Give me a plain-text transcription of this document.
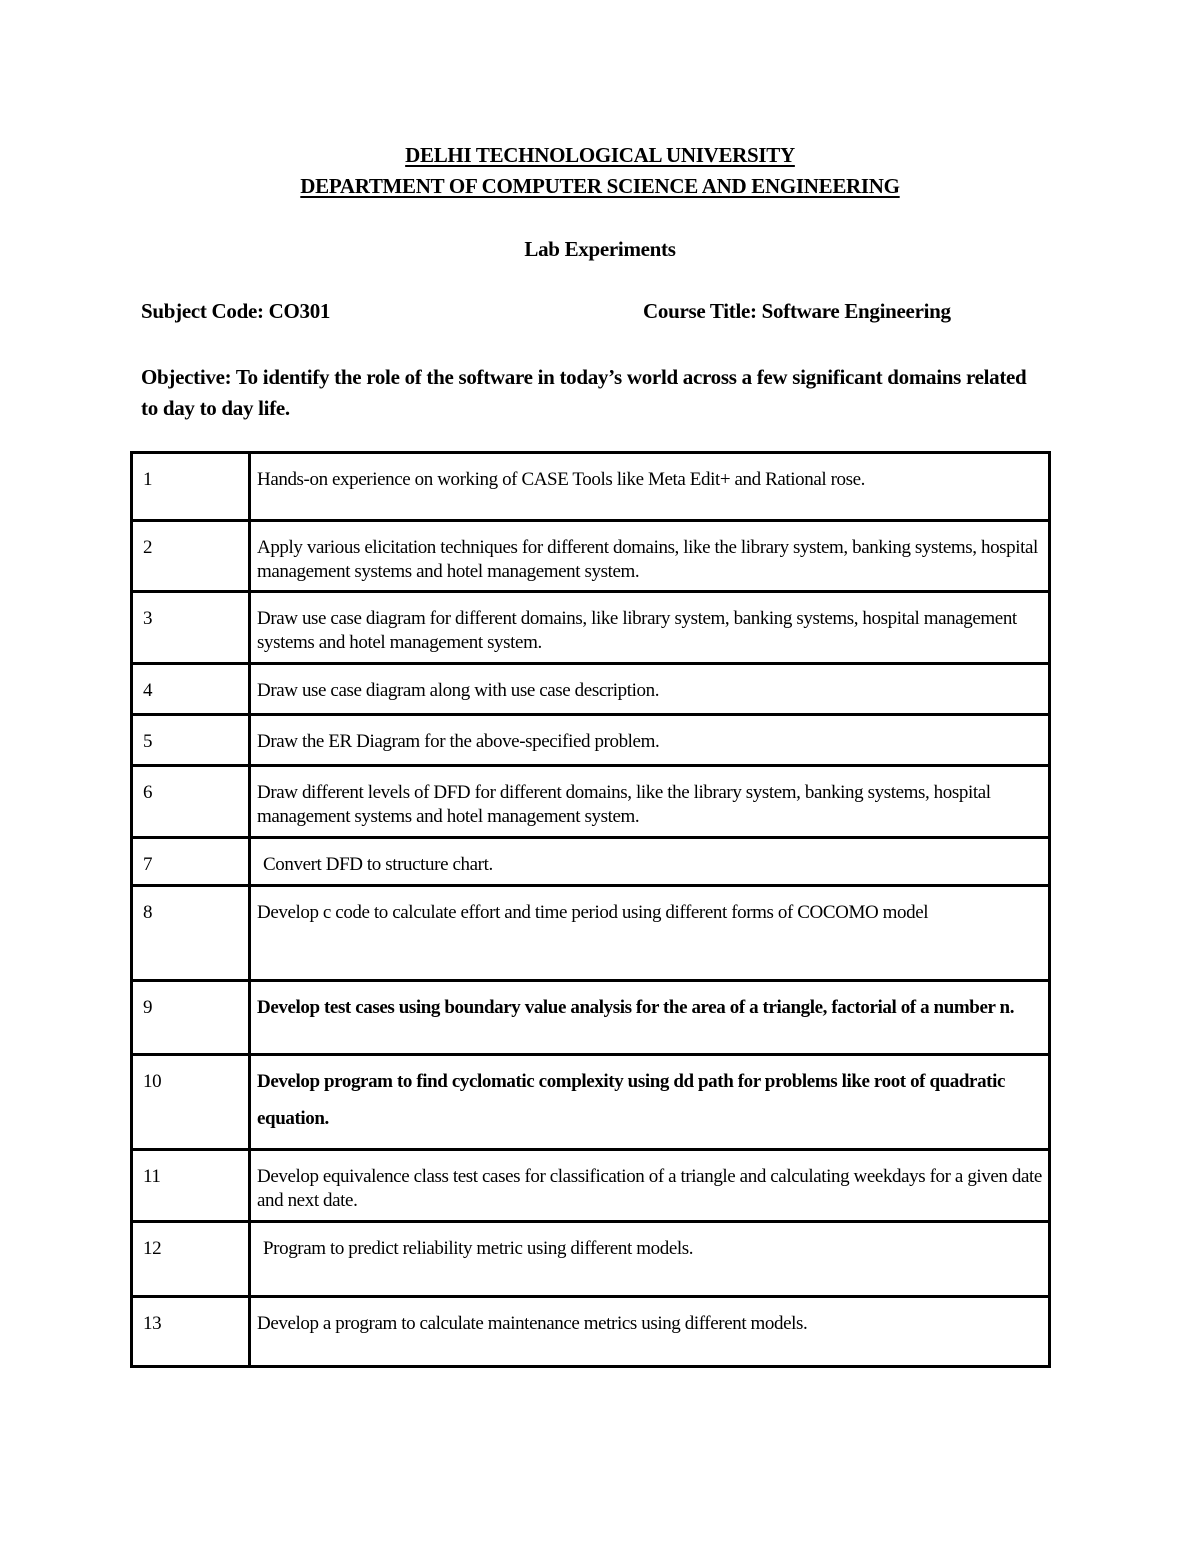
DELHI TECHNOLOGICAL UNIVERSITY
DEPARTMENT OF COMPUTER SCIENCE AND ENGINEERING
Lab Experiments
Subject Code: CO301	Course Title: Software Engineering
Objective: To identify the role of the software in today’s world across a few significant domains related to day to day life.
1	Hands-on experience on working of CASE Tools like Meta Edit+ and Rational rose.

2	Apply various elicitation techniques for different domains, like the library system, banking systems, hospital management systems and hotel management system.

3	Draw use case diagram for different domains, like library system, banking systems, hospital management systems and hotel management system.

4	Draw use case diagram along with use case description.

5	Draw the ER Diagram for the above-specified problem.

6	Draw different levels of DFD for different domains, like the library system, banking systems, hospital management systems and hotel management system.

7	Convert DFD to structure chart.

8	Develop c code to calculate effort and time period using different forms of COCOMO model

9	Develop test cases using boundary value analysis for the area of a triangle, factorial of a number n.

10	Develop program to find cyclomatic complexity using dd path for problems like root of quadratic equation.

11	Develop equivalence class test cases for classification of a triangle and calculating weekdays for a given date and next date.

12	Program to predict reliability metric using different models.

13	Develop a program to calculate maintenance metrics using different models.
